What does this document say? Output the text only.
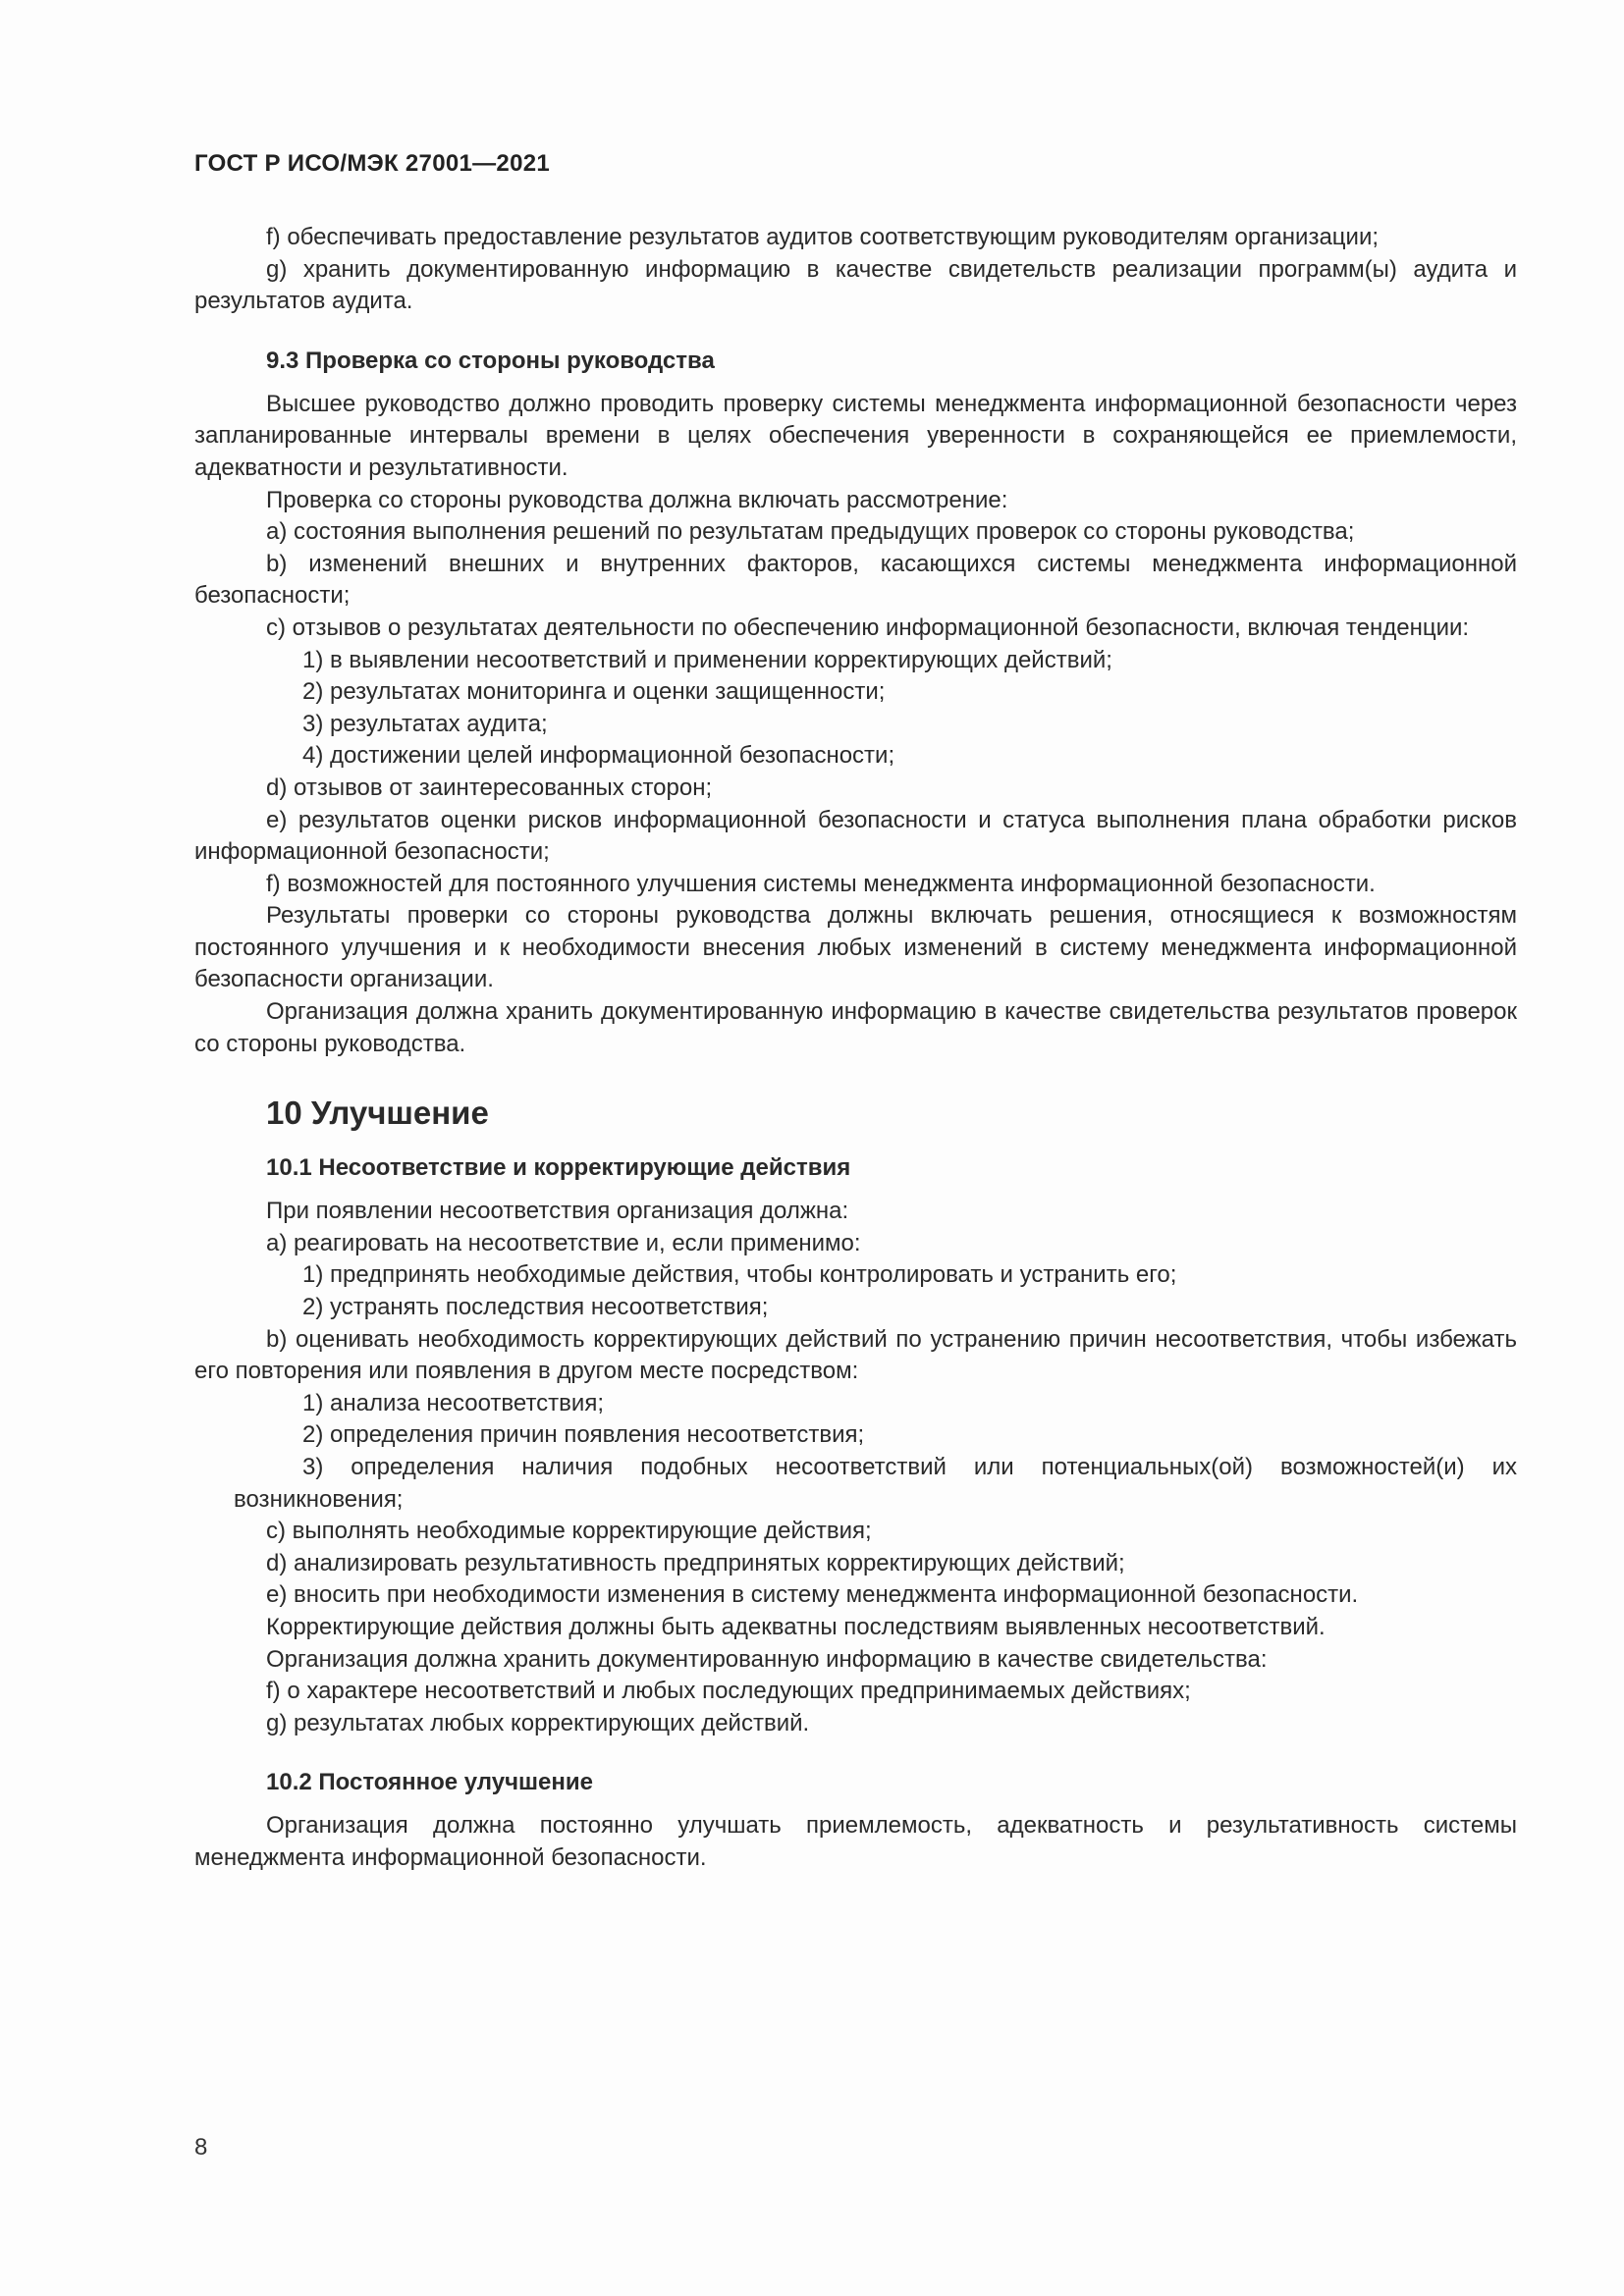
ГОСТ Р ИСО/МЭК 27001—2021

f) обеспечивать предоставление результатов аудитов соответствующим руководителям организации;

g) хранить документированную информацию в качестве свидетельств реализации программ(ы) аудита и результатов аудита.

9.3 Проверка со стороны руководства

Высшее руководство должно проводить проверку системы менеджмента информационной безопасности через запланированные интервалы времени в целях обеспечения уверенности в сохраняющейся ее приемлемости, адекватности и результативности.

Проверка со стороны руководства должна включать рассмотрение:

а) состояния выполнения решений по результатам предыдущих проверок со стороны руководства;

b) изменений внешних и внутренних факторов, касающихся системы менеджмента информационной безопасности;

с) отзывов о результатах деятельности по обеспечению информационной безопасности, включая тенденции:

1) в выявлении несоответствий и применении корректирующих действий;

2) результатах мониторинга и оценки защищенности;

3) результатах аудита;

4) достижении целей информационной безопасности;

d) отзывов от заинтересованных сторон;

е) результатов оценки рисков информационной безопасности и статуса выполнения плана обработки рисков информационной безопасности;

f) возможностей для постоянного улучшения системы менеджмента информационной безопасности.

Результаты проверки со стороны руководства должны включать решения, относящиеся к возможностям постоянного улучшения и к необходимости внесения любых изменений в систему менеджмента информационной безопасности организации.

Организация должна хранить документированную информацию в качестве свидетельства результатов проверок со стороны руководства.

10 Улучшение
10.1 Несоответствие и корректирующие действия

При появлении несоответствия организация должна:

а) реагировать на несоответствие и, если применимо:

1) предпринять необходимые действия, чтобы контролировать и устранить его;

2) устранять последствия несоответствия;

b) оценивать необходимость корректирующих действий по устранению причин несоответствия, чтобы избежать его повторения или появления в другом месте посредством:

1) анализа несоответствия;

2) определения причин появления несоответствия;

3) определения наличия подобных несоответствий или потенциальных(ой) возможностей(и) их возникновения;

с) выполнять необходимые корректирующие действия;

d) анализировать результативность предпринятых корректирующих действий;

е) вносить при необходимости изменения в систему менеджмента информационной безопасности.

Корректирующие действия должны быть адекватны последствиям выявленных несоответствий.

Организация должна хранить документированную информацию в качестве свидетельства:

f) о характере несоответствий и любых последующих предпринимаемых действиях;

g) результатах любых корректирующих действий.

10.2 Постоянное улучшение

Организация должна постоянно улучшать приемлемость, адекватность и результативность системы менеджмента информационной безопасности.

8
